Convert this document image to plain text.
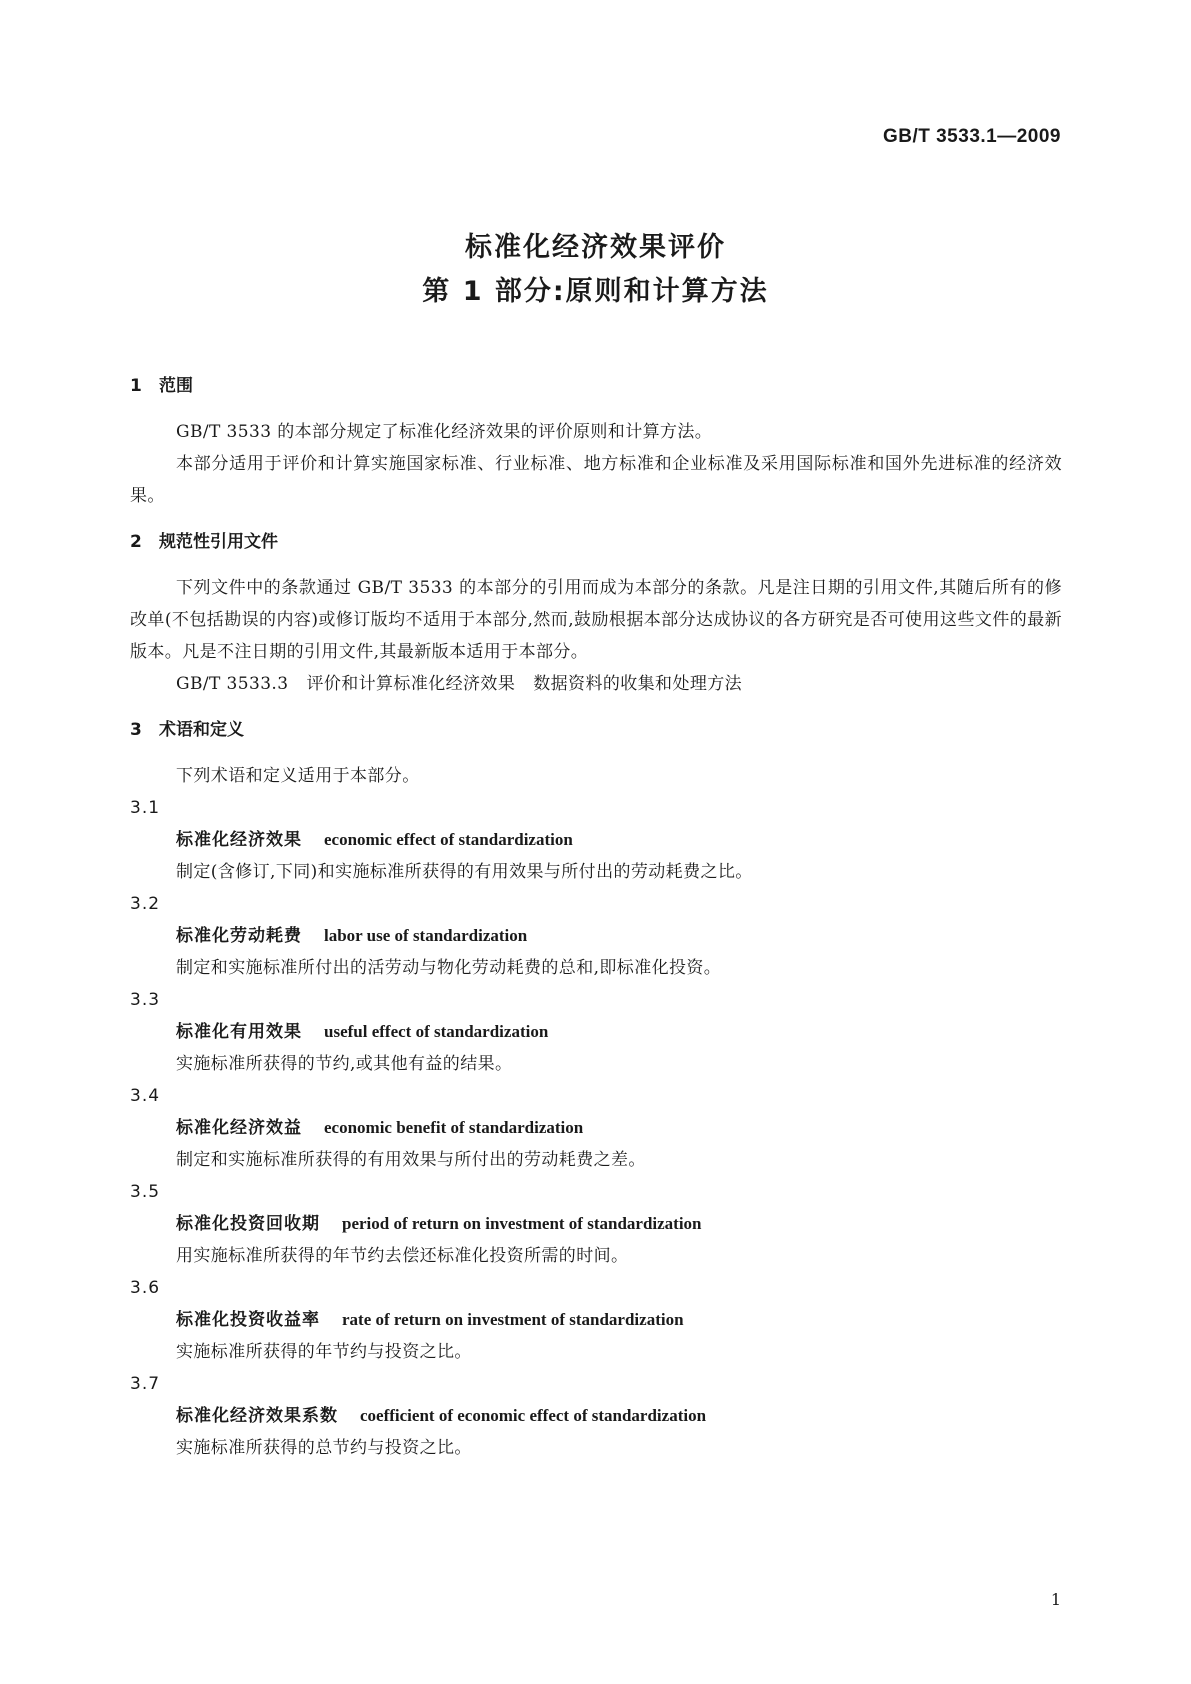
GB/T 3533.1—2009
标准化经济效果评价
第 1 部分:原则和计算方法
1 范围

GB/T 3533 的本部分规定了标准化经济效果的评价原则和计算方法。

本部分适用于评价和计算实施国家标准、行业标准、地方标准和企业标准及采用国际标准和国外先进标准的经济效果。

2 规范性引用文件

下列文件中的条款通过 GB/T 3533 的本部分的引用而成为本部分的条款。凡是注日期的引用文件,其随后所有的修改单(不包括勘误的内容)或修订版均不适用于本部分,然而,鼓励根据本部分达成协议的各方研究是否可使用这些文件的最新版本。凡是不注日期的引用文件,其最新版本适用于本部分。

GB/T 3533.3 评价和计算标准化经济效果 数据资料的收集和处理方法

3 术语和定义

下列术语和定义适用于本部分。

3.1

标准化经济效果 economic effect of standardization

制定(含修订,下同)和实施标准所获得的有用效果与所付出的劳动耗费之比。

3.2

标准化劳动耗费 labor use of standardization

制定和实施标准所付出的活劳动与物化劳动耗费的总和,即标准化投资。

3.3

标准化有用效果 useful effect of standardization

实施标准所获得的节约,或其他有益的结果。

3.4

标准化经济效益 economic benefit of standardization

制定和实施标准所获得的有用效果与所付出的劳动耗费之差。

3.5

标准化投资回收期 period of return on investment of standardization

用实施标准所获得的年节约去偿还标准化投资所需的时间。

3.6

标准化投资收益率 rate of return on investment of standardization

实施标准所获得的年节约与投资之比。

3.7

标准化经济效果系数 coefficient of economic effect of standardization

实施标准所获得的总节约与投资之比。

1
